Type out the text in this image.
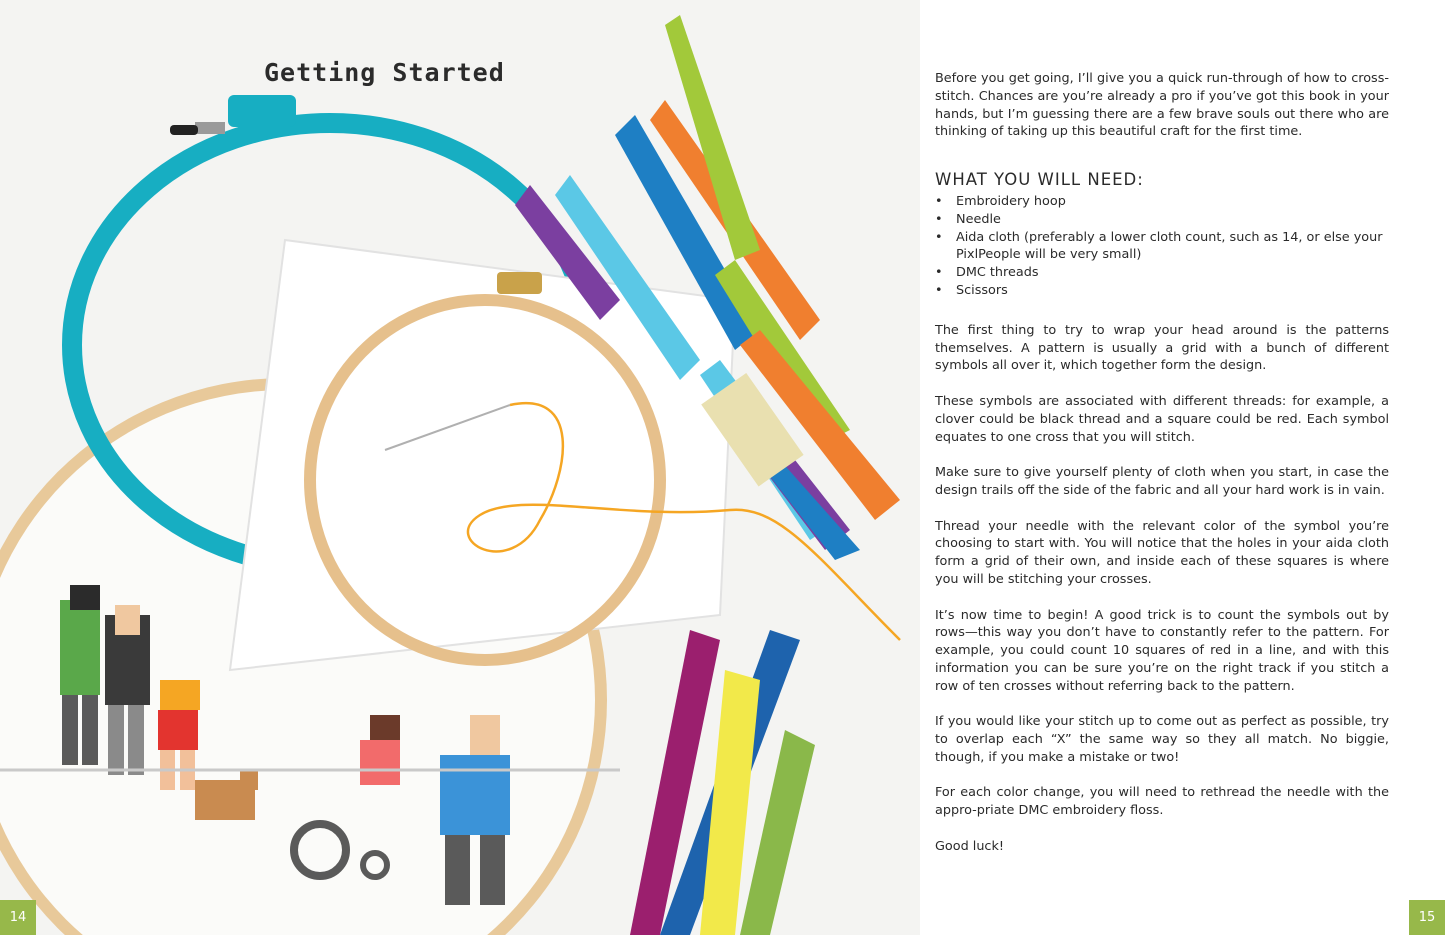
Getting Started
14

Before you get going, I’ll give you a quick run-through of how to cross-stitch. Chances are you’re already a pro if you’ve got this book in your hands, but I’m guessing there are a few brave souls out there who are thinking of taking up this beautiful craft for the first time.

WHAT YOU WILL NEED:
• Embroidery hoop
• Needle
• Aida cloth (preferably a lower cloth count, such as 14, or else your PixlPeople will be very small)
• DMC threads
• Scissors

The first thing to try to wrap your head around is the patterns themselves. A pattern is usually a grid with a bunch of different symbols all over it, which together form the design.

These symbols are associated with different threads: for example, a clover could be black thread and a square could be red. Each symbol equates to one cross that you will stitch.

Make sure to give yourself plenty of cloth when you start, in case the design trails off the side of the fabric and all your hard work is in vain.

Thread your needle with the relevant color of the symbol you’re choosing to start with. You will notice that the holes in your aida cloth form a grid of their own, and inside each of these squares is where you will be stitching your crosses.

It’s now time to begin! A good trick is to count the symbols out by rows—this way you don’t have to constantly refer to the pattern. For example, you could count 10 squares of red in a line, and with this information you can be sure you’re on the right track if you stitch a row of ten crosses without referring back to the pattern.

If you would like your stitch up to come out as perfect as possible, try to overlap each “X” the same way so they all match. No biggie, though, if you make a mistake or two!

For each color change, you will need to rethread the needle with the appro-priate DMC embroidery floss.

Good luck!

15
